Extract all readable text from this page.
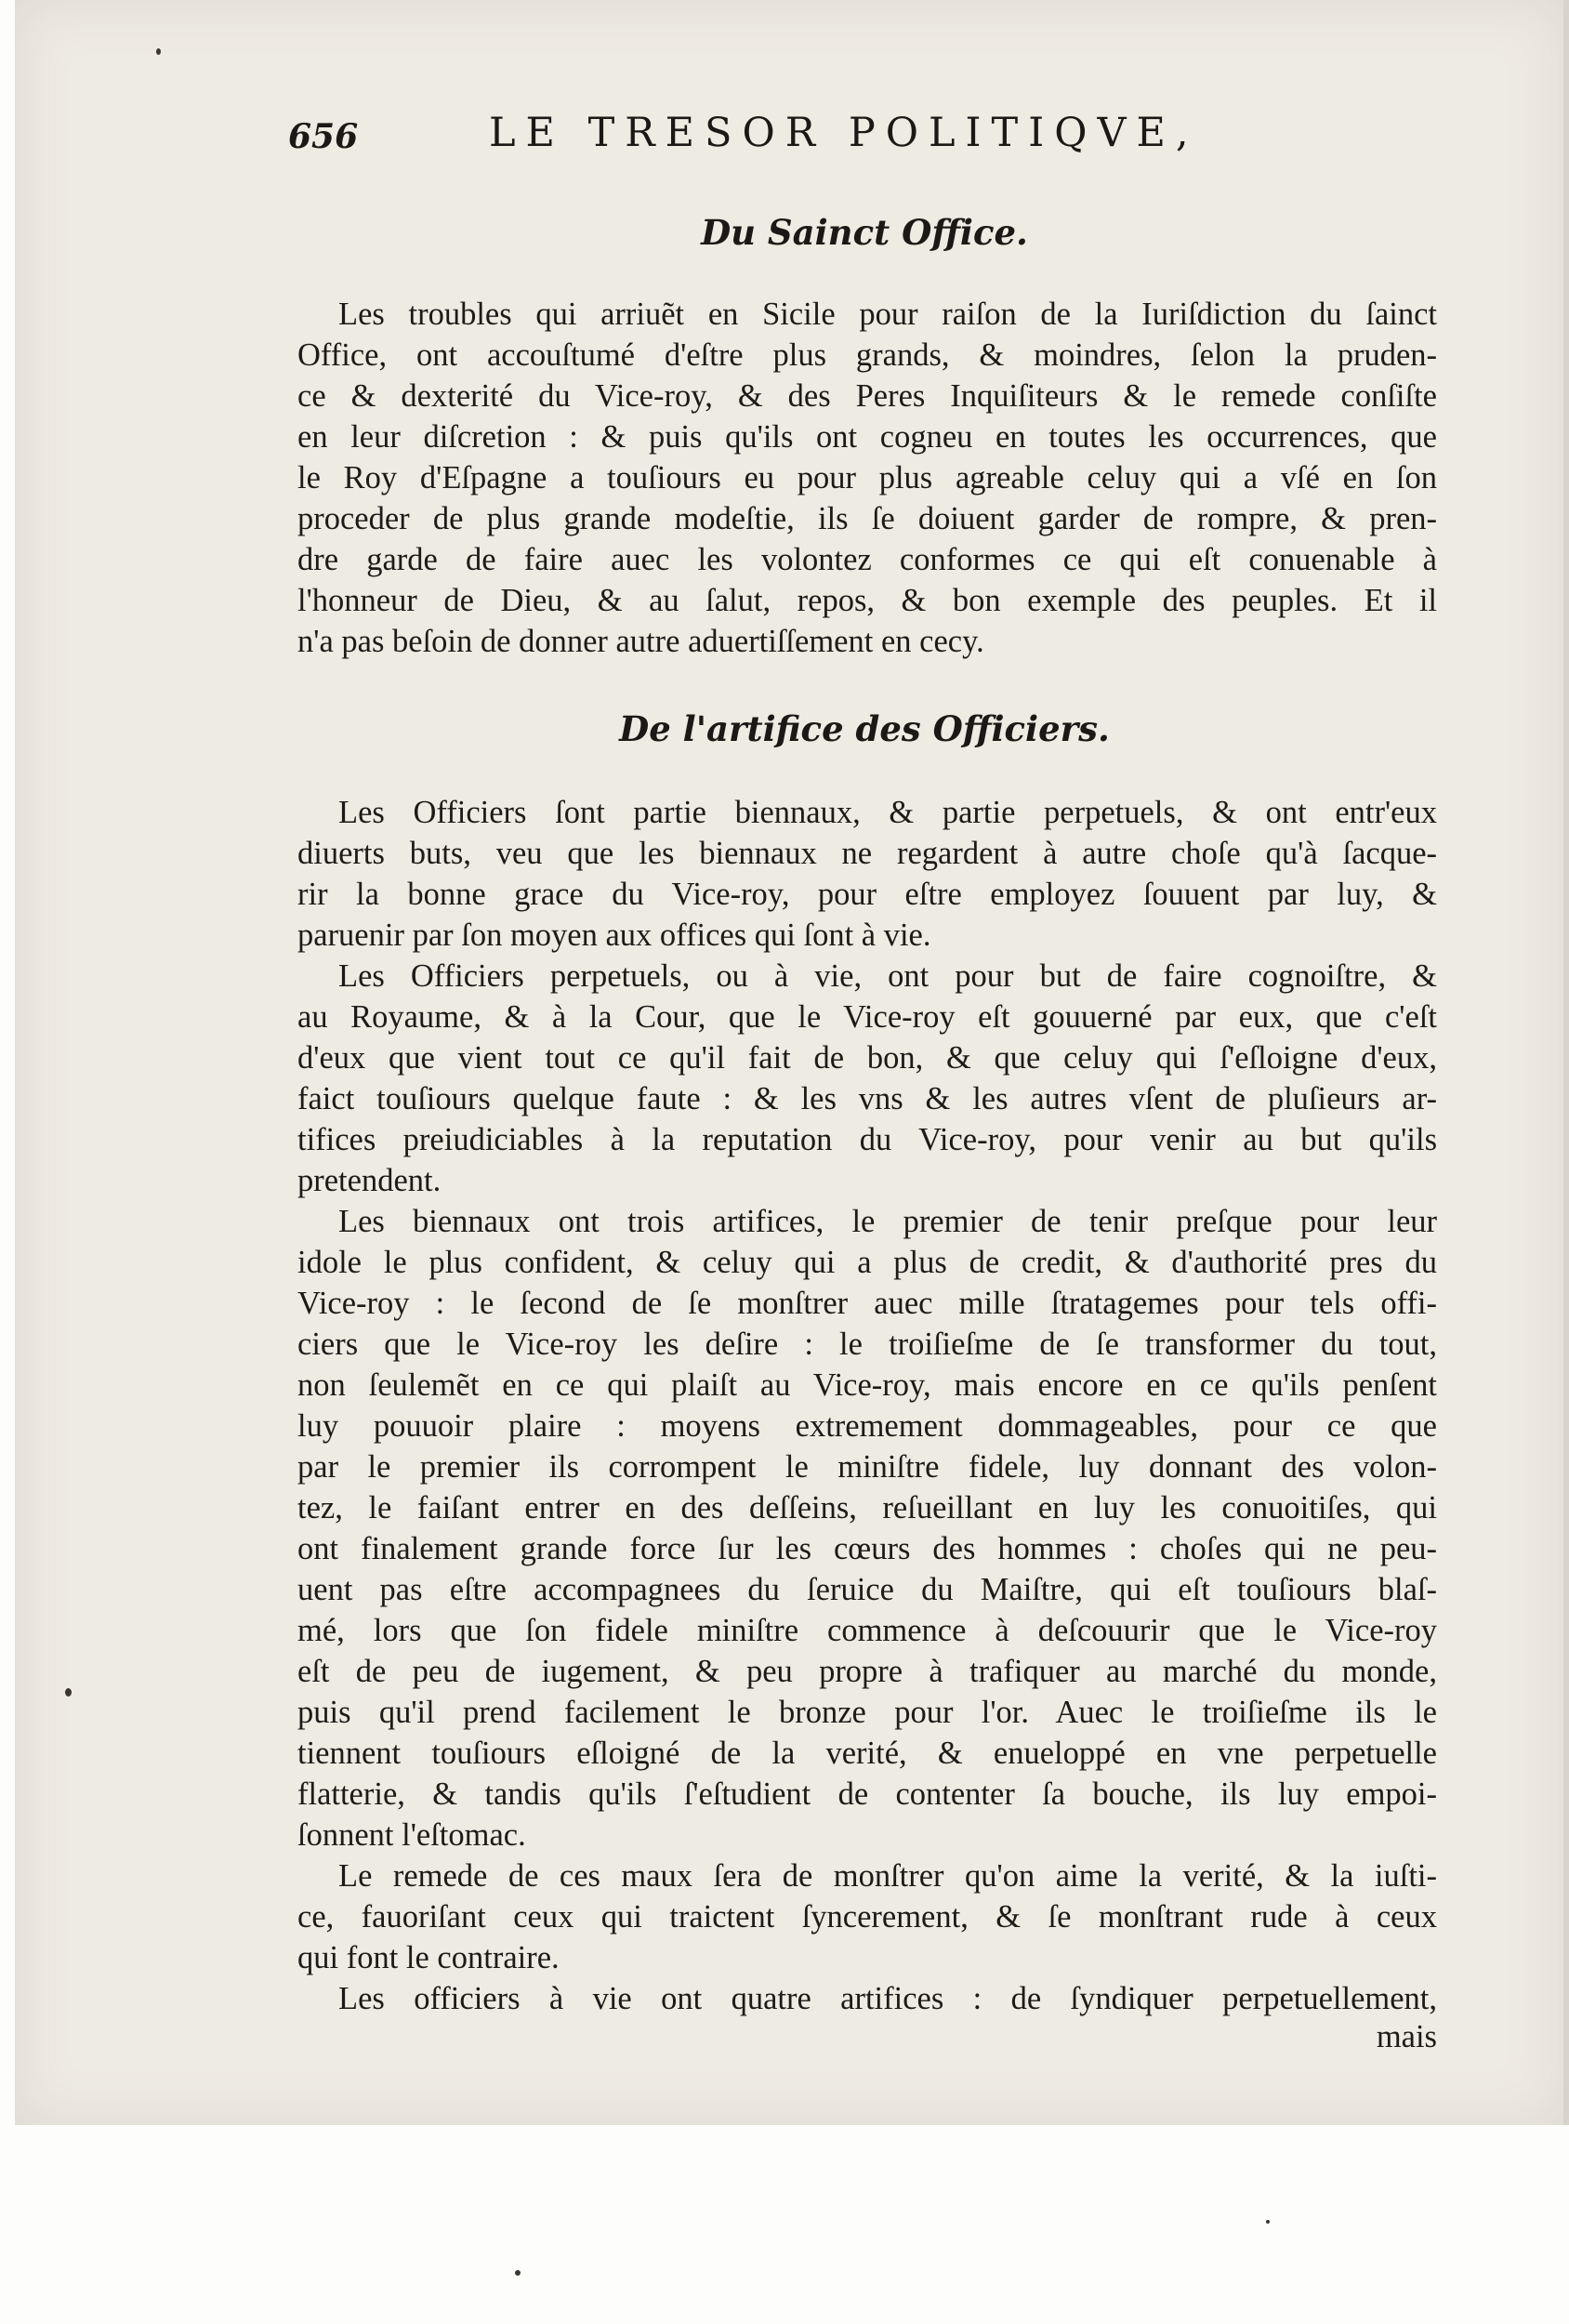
656	LE TRESOR POLITIQVE,
Du Sainct Office.
Les troubles qui arriuẽt en Sicile pour raiſon de la Iuriſdiction du ſainct
Office, ont accouſtumé d'eſtre plus grands, & moindres, ſelon la pruden-
ce & dexterité du Vice-roy, & des Peres Inquiſiteurs & le remede conſiſte
en leur diſcretion : & puis qu'ils ont cogneu en toutes les occurrences, que
le Roy d'Eſpagne a touſiours eu pour plus agreable celuy qui a vſé en ſon
proceder de plus grande modeſtie, ils ſe doiuent garder de rompre, & pren-
dre garde de faire auec les volontez conformes ce qui eſt conuenable à
l'honneur de Dieu, & au ſalut, repos, & bon exemple des peuples. Et il
n'a pas beſoin de donner autre aduertiſſement en cecy.
De l'artifice des Officiers.
Les Officiers ſont partie biennaux, & partie perpetuels, & ont entr'eux
diuerts buts, veu que les biennaux ne regardent à autre choſe qu'à ſacque-
rir la bonne grace du Vice-roy, pour eſtre employez ſouuent par luy, &
paruenir par ſon moyen aux offices qui ſont à vie.
Les Officiers perpetuels, ou à vie, ont pour but de faire cognoiſtre, &
au Royaume, & à la Cour, que le Vice-roy eſt gouuerné par eux, que c'eſt
d'eux que vient tout ce qu'il fait de bon, & que celuy qui ſ'eſloigne d'eux,
faict touſiours quelque faute : & les vns & les autres vſent de pluſieurs ar-
tifices preiudiciables à la reputation du Vice-roy, pour venir au but qu'ils
pretendent.
Les biennaux ont trois artifices, le premier de tenir preſque pour leur
idole le plus confident, & celuy qui a plus de credit, & d'authorité pres du
Vice-roy : le ſecond de ſe monſtrer auec mille ſtratagemes pour tels offi-
ciers que le Vice-roy les deſire : le troiſieſme de ſe transformer du tout,
non ſeulemẽt en ce qui plaiſt au Vice-roy, mais encore en ce qu'ils penſent
luy pouuoir plaire : moyens extremement dommageables, pour ce que
par le premier ils corrompent le miniſtre fidele, luy donnant des volon-
tez, le faiſant entrer en des deſſeins, reſueillant en luy les conuoitiſes, qui
ont finalement grande force ſur les cœurs des hommes : choſes qui ne peu-
uent pas eſtre accompagnees du ſeruice du Maiſtre, qui eſt touſiours blaſ-
mé, lors que ſon fidele miniſtre commence à deſcouurir que le Vice-roy
eſt de peu de iugement, & peu propre à trafiquer au marché du monde,
puis qu'il prend facilement le bronze pour l'or. Auec le troiſieſme ils le
tiennent touſiours eſloigné de la verité, & enueloppé en vne perpetuelle
flatterie, & tandis qu'ils ſ'eſtudient de contenter ſa bouche, ils luy empoi-
ſonnent l'eſtomac.
Le remede de ces maux ſera de monſtrer qu'on aime la verité, & la iuſti-
ce, fauoriſant ceux qui traictent ſyncerement, & ſe monſtrant rude à ceux
qui font le contraire.
Les officiers à vie ont quatre artifices : de ſyndiquer perpetuellement,
mais
